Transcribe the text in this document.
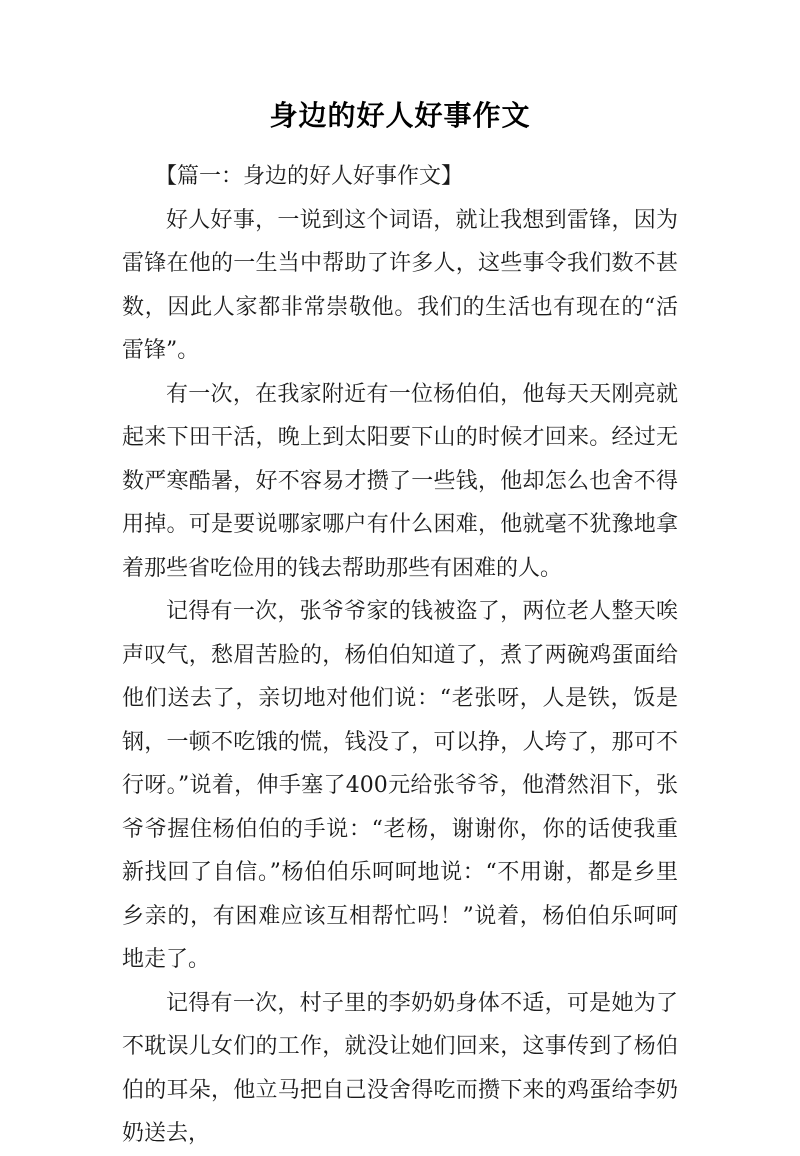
身边的好人好事作文

【篇一：身边的好人好事作文】

好人好事，一说到这个词语，就让我想到雷锋，因为雷锋在他的一生当中帮助了许多人，这些事令我们数不甚数，因此人家都非常崇敬他。我们的生活也有现在的“活雷锋”。

有一次，在我家附近有一位杨伯伯，他每天天刚亮就起来下田干活，晚上到太阳要下山的时候才回来。经过无数严寒酷暑，好不容易才攒了一些钱，他却怎么也舍不得用掉。可是要说哪家哪户有什么困难，他就毫不犹豫地拿着那些省吃俭用的钱去帮助那些有困难的人。

记得有一次，张爷爷家的钱被盗了，两位老人整天唉声叹气，愁眉苦脸的，杨伯伯知道了，煮了两碗鸡蛋面给他们送去了，亲切地对他们说：“老张呀，人是铁，饭是钢，一顿不吃饿的慌，钱没了，可以挣，人垮了，那可不行呀。”说着，伸手塞了400元给张爷爷，他潸然泪下，张爷爷握住杨伯伯的手说：“老杨，谢谢你，你的话使我重新找回了自信。”杨伯伯乐呵呵地说：“不用谢，都是乡里乡亲的，有困难应该互相帮忙吗！”说着，杨伯伯乐呵呵地走了。

记得有一次，村子里的李奶奶身体不适，可是她为了不耽误儿女们的工作，就没让她们回来，这事传到了杨伯伯的耳朵，他立马把自己没舍得吃而攒下来的鸡蛋给李奶奶送去，
